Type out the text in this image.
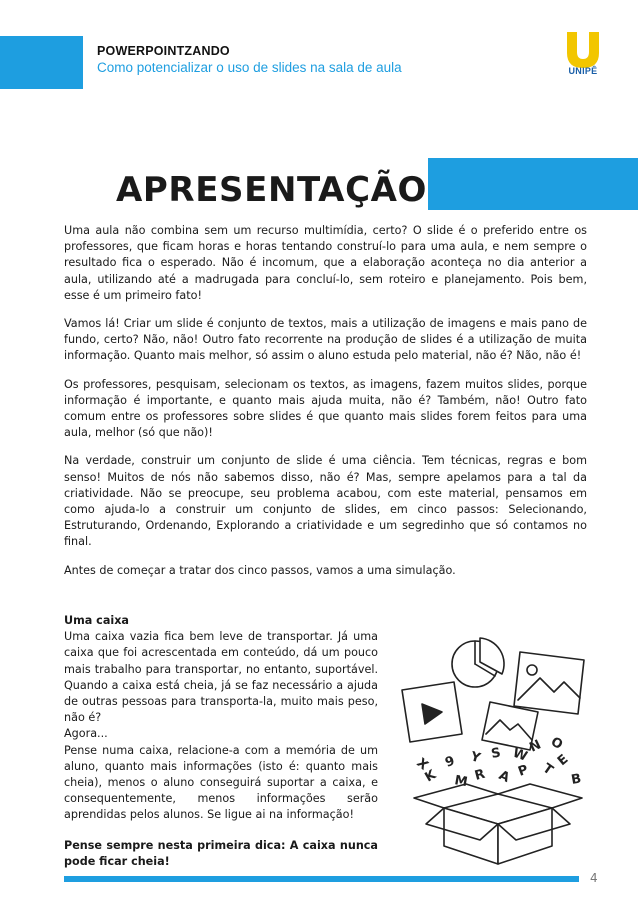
POWERPOINTZANDO
Como potencializar o uso de slides na sala de aula	UNIPÊ
APRESENTAÇÃO

Uma aula não combina sem um recurso multimídia, certo? O slide é o preferido entre os professores, que ficam horas e horas tentando construí-lo para uma aula, e nem sempre o resultado fica o esperado. Não é incomum, que a elaboração aconteça no dia anterior a aula, utilizando até a madrugada para concluí-lo, sem roteiro e planejamento. Pois bem, esse é um primeiro fato!

Vamos lá! Criar um slide é conjunto de textos, mais a utilização de imagens e mais pano de fundo, certo? Não, não! Outro fato recorrente na produção de slides é a utilização de muita informação. Quanto mais melhor, só assim o aluno estuda pelo material, não é? Não, não é!

Os professores, pesquisam, selecionam os textos, as imagens, fazem muitos slides, porque informação é importante, e quanto mais ajuda muita, não é? Também, não! Outro fato comum entre os professores sobre slides é que quanto mais slides forem feitos para uma aula, melhor (só que não)!

Na verdade, construir um conjunto de slide é uma ciência. Tem técnicas, regras e bom senso! Muitos de nós não sabemos disso, não é? Mas, sempre apelamos para a tal da criatividade. Não se preocupe, seu problema acabou, com este material, pensamos em como ajuda-lo a construir um conjunto de slides, em cinco passos: Selecionando, Estruturando, Ordenando, Explorando a criatividade e um segredinho que só contamos no final.

Antes de começar a tratar dos cinco passos, vamos a uma simulação.

Uma caixa

Uma caixa vazia fica bem leve de transportar. Já uma caixa que foi acrescentada em conteúdo, dá um pouco mais trabalho para transportar, no entanto, suportável. Quando a caixa está cheia, já se faz necessário a ajuda de outras pessoas para transporta-la, muito mais peso, não é?

Agora...

Pense numa caixa, relacione-a com a memória de um aluno, quanto mais informações (isto é: quanto mais cheia), menos o aluno conseguirá suportar a caixa, e consequentemente, menos informações serão aprendidas pelos alunos. Se ligue ai na informação!

Pense sempre nesta primeira dica: A caixa nunca pode ficar cheia!

9 Y S W
N O
K M R A P T
E
X
B
4
